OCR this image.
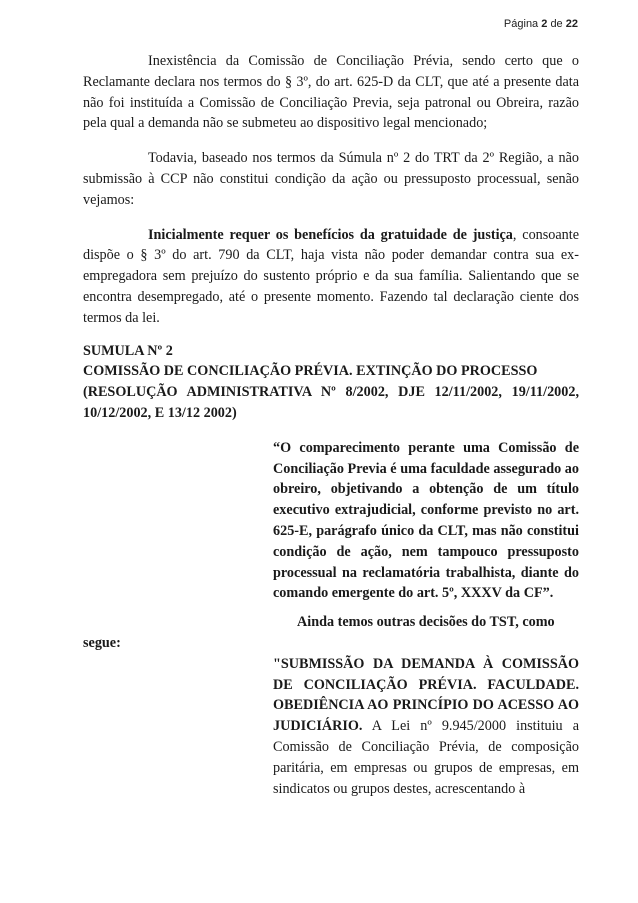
Página 2 de 22

Inexistência da Comissão de Conciliação Prévia, sendo certo que o Reclamante declara nos termos do § 3º, do art. 625-D da CLT, que até a presente data não foi instituída a Comissão de Conciliação Previa, seja patronal ou Obreira, razão pela qual a demanda não se submeteu ao dispositivo legal mencionado;

Todavia, baseado nos termos da Súmula nº 2 do TRT da 2º Região, a não submissão à CCP não constitui condição da ação ou pressuposto processual, senão vejamos:

Inicialmente requer os benefícios da gratuidade de justiça, consoante dispõe o § 3º do art. 790 da CLT, haja vista não poder demandar contra sua ex-empregadora sem prejuízo do sustento próprio e da sua família. Salientando que se encontra desempregado, até o presente momento. Fazendo tal declaração ciente dos termos da lei.

SUMULA Nº 2

COMISSÃO DE CONCILIAÇÃO PRÉVIA. EXTINÇÃO DO PROCESSO

(RESOLUÇÃO ADMINISTRATIVA Nº 8/2002, DJE 12/11/2002, 19/11/2002, 10/12/2002, E 13/12 2002)

“O comparecimento perante uma Comissão de Conciliação Previa é uma faculdade assegurado ao obreiro, objetivando a obtenção de um título executivo extrajudicial, conforme previsto no art. 625-E, parágrafo único da CLT, mas não constitui condição de ação, nem tampouco pressuposto processual na reclamatória trabalhista, diante do comando emergente do art. 5º, XXXV da CF”.

Ainda temos outras decisões do TST, como

segue:

"SUBMISSÃO DA DEMANDA À COMISSÃO DE CONCILIAÇÃO PRÉVIA. FACULDADE. OBEDIÊNCIA AO PRINCÍPIO DO ACESSO AO JUDICIÁRIO. A Lei nº 9.945/2000 instituiu a Comissão de Conciliação Prévia, de composição paritária, em empresas ou grupos de empresas, em sindicatos ou grupos destes, acrescentando à
